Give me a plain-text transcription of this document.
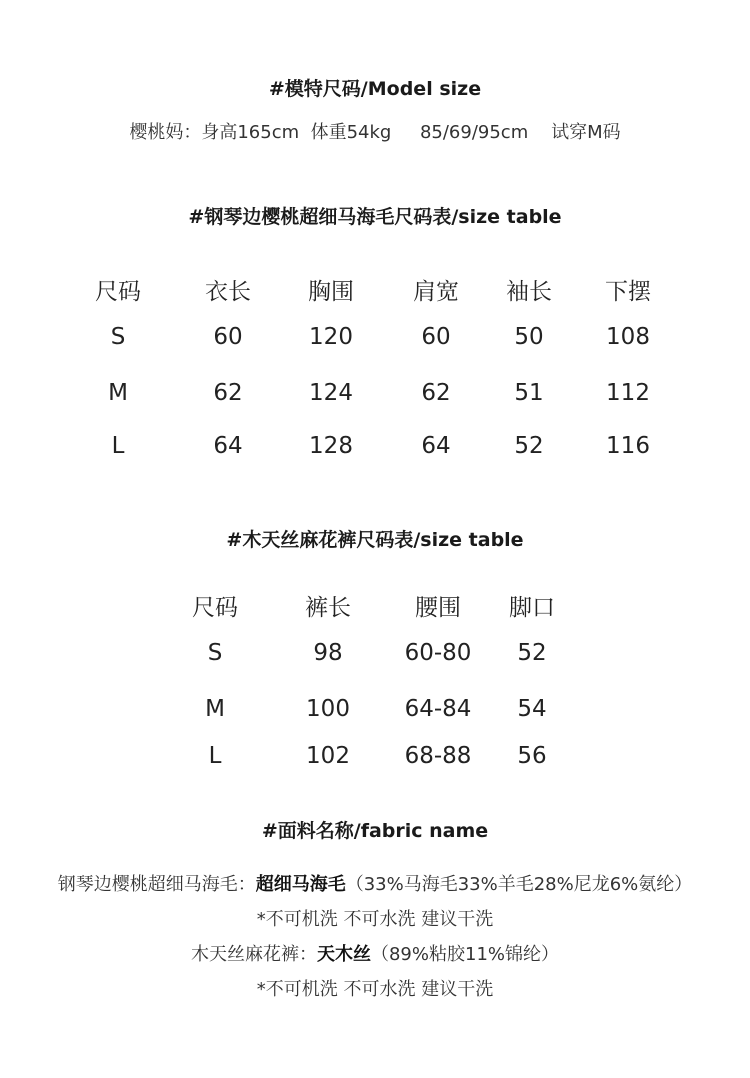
#模特尺码/Model size
樱桃妈：身高165cm  体重54kg     85/69/95cm    试穿M码
#钢琴边樱桃超细马海毛尺码表/size table
尺码	衣长	胸围	肩宽	袖长	下摆
S	60	120	60	50	108
M	62	124	62	51	112
L	64	128	64	52	116
#木天丝麻花裤尺码表/size table
尺码	裤长	腰围	脚口
S	98	60-80	52
M	100	64-84	54
L	102	68-88	56
#面料名称/fabric name
钢琴边樱桃超细马海毛：超细马海毛（33%马海毛33%羊毛28%尼龙6%氨纶）
*不可机洗 不可水洗 建议干洗
木天丝麻花裤：天木丝（89%粘胶11%锦纶）
*不可机洗 不可水洗 建议干洗
